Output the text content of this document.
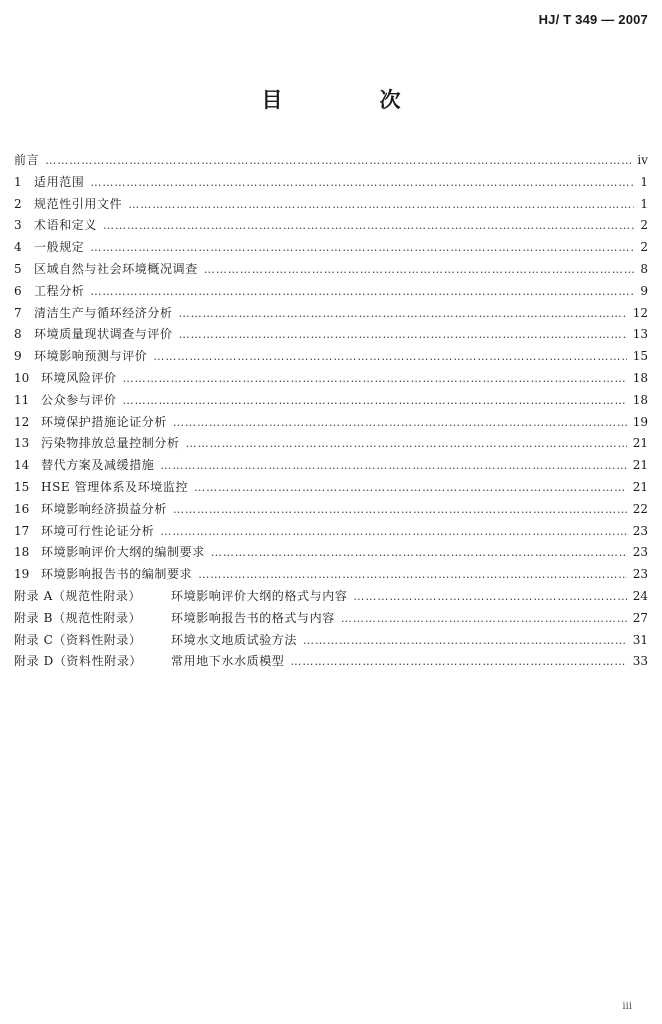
HJ/ T 349 — 2007
目　次
前言 …………………………………………………………………………………………………………………………………………………………………………………………………	ⅳ
1	适用范围 …………………………………………………………………………………………………………………………………………………………………………………………………	1
2	规范性引用文件 …………………………………………………………………………………………………………………………………………………………………………………………………	1
3	术语和定义 …………………………………………………………………………………………………………………………………………………………………………………………………	2
4	一般规定 …………………………………………………………………………………………………………………………………………………………………………………………………	2
5	区域自然与社会环境概况调查 …………………………………………………………………………………………………………………………………………………………………………………………………	8
6	工程分析 …………………………………………………………………………………………………………………………………………………………………………………………………	9
7	清洁生产与循环经济分析 …………………………………………………………………………………………………………………………………………………………………………………………………	12
8	环境质量现状调查与评价 …………………………………………………………………………………………………………………………………………………………………………………………………	13
9	环境影响预测与评价 …………………………………………………………………………………………………………………………………………………………………………………………………	15
10 环境风险评价 …………………………………………………………………………………………………………………………………………………………………………………………………	18
11 公众参与评价 …………………………………………………………………………………………………………………………………………………………………………………………………	18
12 环境保护措施论证分析 …………………………………………………………………………………………………………………………………………………………………………………………………	19
13 污染物排放总量控制分析 …………………………………………………………………………………………………………………………………………………………………………………………………	21
14 替代方案及减缓措施 …………………………………………………………………………………………………………………………………………………………………………………………………	21
15 HSE 管理体系及环境监控 …………………………………………………………………………………………………………………………………………………………………………………………………	21
16 环境影响经济损益分析 …………………………………………………………………………………………………………………………………………………………………………………………………	22
17 环境可行性论证分析 …………………………………………………………………………………………………………………………………………………………………………………………………	23
18 环境影响评价大纲的编制要求 …………………………………………………………………………………………………………………………………………………………………………………………………	23
19 环境影响报告书的编制要求 …………………………………………………………………………………………………………………………………………………………………………………………………	23
附录 A（规范性附录）	环境影响评价大纲的格式与内容 …………………………………………………………………………………………………………………………………………………………………………………………………	24
附录 B（规范性附录）	环境影响报告书的格式与内容 …………………………………………………………………………………………………………………………………………………………………………………………………	27
附录 C（资料性附录）	环境水文地质试验方法 …………………………………………………………………………………………………………………………………………………………………………………………………	31
附录 D（资料性附录）	常用地下水水质模型 …………………………………………………………………………………………………………………………………………………………………………………………………	33
ⅲ
